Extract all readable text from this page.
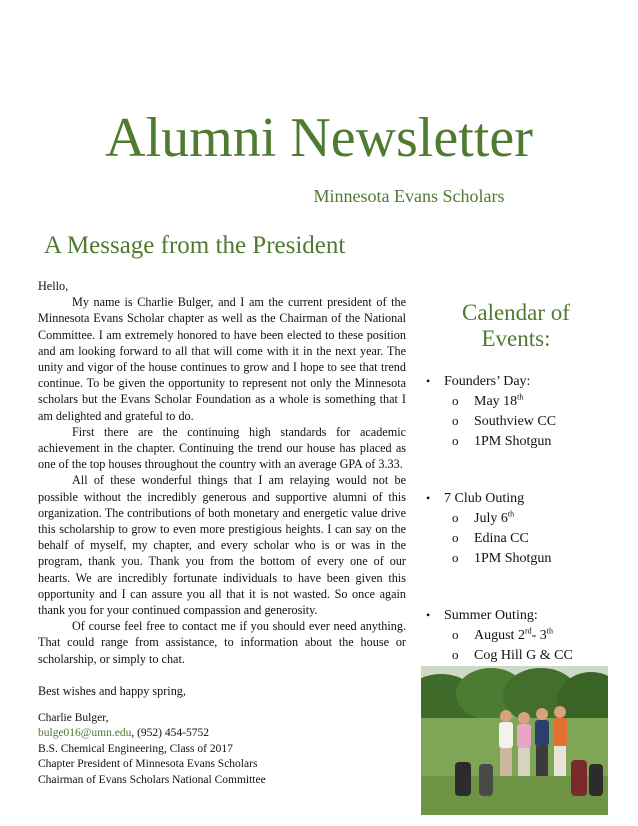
Alumni Newsletter
Minnesota Evans Scholars
A Message from the President

Hello,

My name is Charlie Bulger, and I am the current president of the Minnesota Evans Scholar chapter as well as the Chairman of the National Committee. I am extremely honored to have been elected to these position and am looking forward to all that will come with it in the next year. The unity and vigor of the house continues to grow and I hope to see that trend continue. To be given the opportunity to represent not only the Minnesota scholars but the Evans Scholar Foundation as a whole is something that I am delighted and grateful to do.

First there are the continuing high standards for academic achievement in the chapter. Continuing the trend our house has placed as one of the top houses throughout the country with an average GPA of 3.33.

All of these wonderful things that I am relaying would not be possible without the incredibly generous and supportive alumni of this organization. The contributions of both monetary and energetic value drive this scholarship to grow to even more prestigious heights. I can say on the behalf of myself, my chapter, and every scholar who is or was in the program, thank you. Thank you from the bottom of every one of our hearts. We are incredibly fortunate individuals to have been given this opportunity and I can assure you all that it is not wasted. So once again thank you for your continued compassion and generosity.

Of course feel free to contact me if you should ever need anything. That could range from assistance, to information about the house or scholarship, or simply to chat.

Best wishes and happy spring,

Charlie Bulger,
bulge016@umn.edu, (952) 454-5752
B.S. Chemical Engineering, Class of 2017
Chapter President of Minnesota Evans Scholars
Chairman of Evans Scholars National Committee
Calendar of
Events:
• Founders’ Day:
o	May 18th
o	Southview CC
o	1PM Shotgun
• 7 Club Outing
o	July 6th
o	Edina CC
o	1PM Shotgun
• Summer Outing:
o	August 2rd- 3th
o	Cog Hill G & CC
